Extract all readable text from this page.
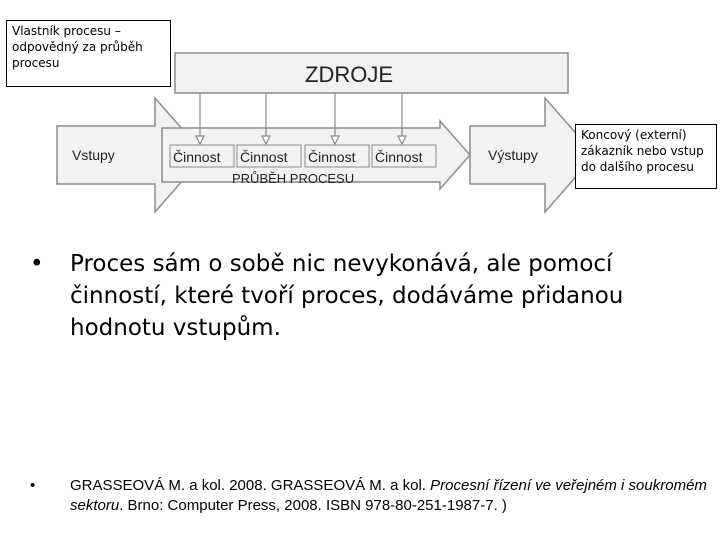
ZDROJE
Vstupy	Výstupy
Činnost Činnost Činnost Činnost
PRŮBĚH PROCESU
Vlastník procesu – odpovědný za průběh procesu
Koncový (externí) zákazník nebo vstup do dalšího procesu
• Proces sám o sobě nic nevykonává, ale pomocí činností, které tvoří proces, dodáváme přidanou hodnotu vstupům.
• GRASSEOVÁ M. a kol. 2008. GRASSEOVÁ M. a kol. Procesní řízení ve veřejném i soukromém sektoru. Brno: Computer Press, 2008. ISBN 978-80-251-1987-7. )
